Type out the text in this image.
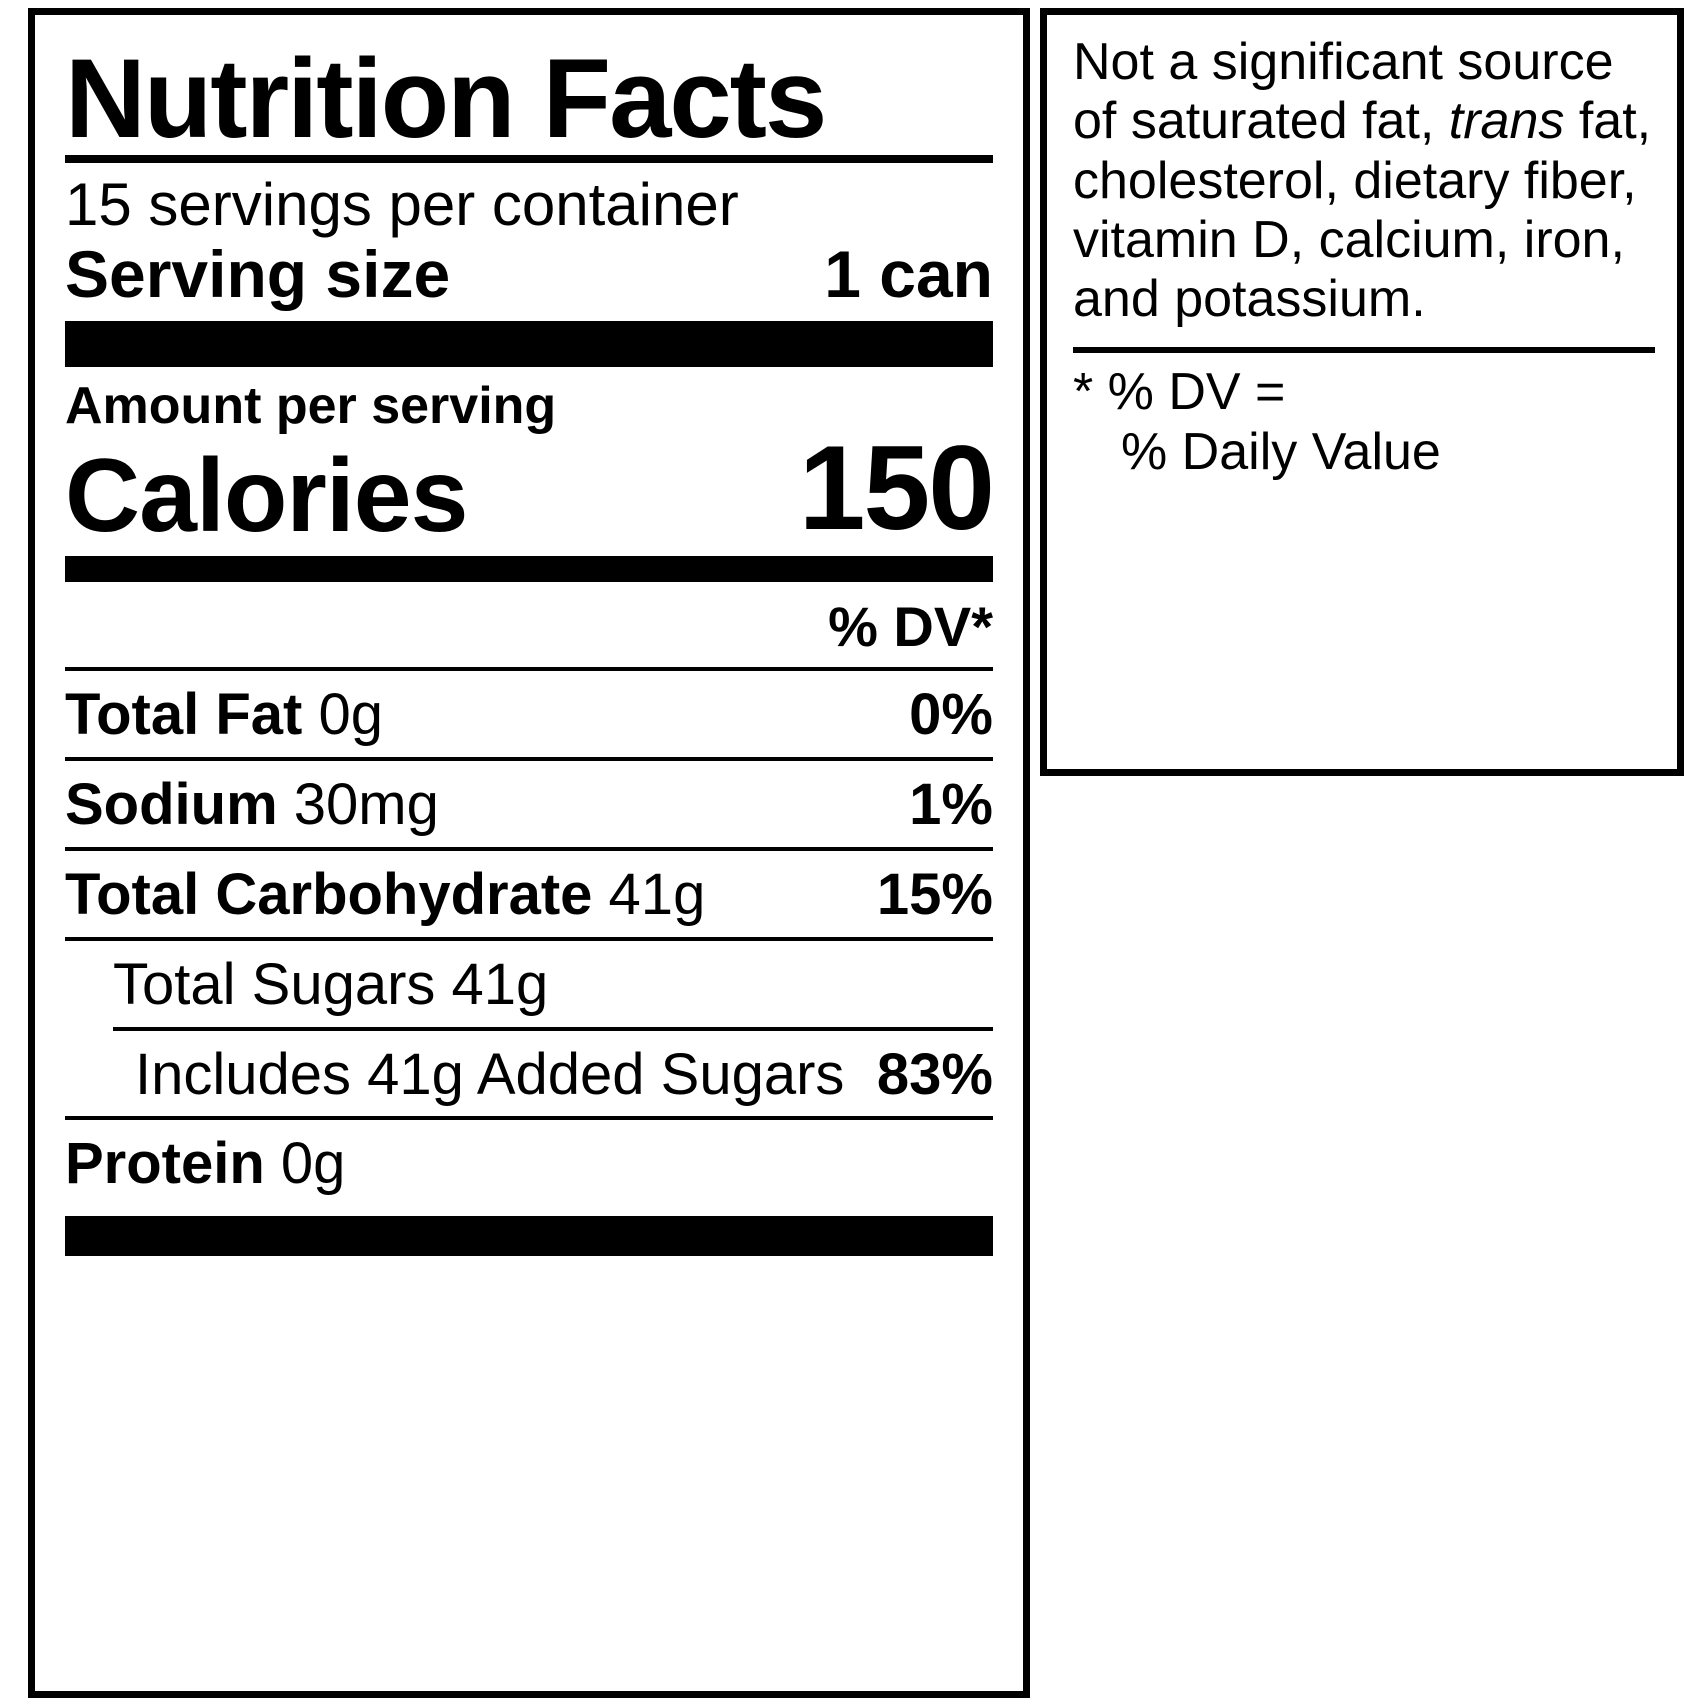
Nutrition Facts
15 servings per container
Serving size	1 can
Amount per serving
Calories	150
% DV*
Total Fat 0g	0%
Sodium 30mg	1%
Total Carbohydrate 41g	15%
Total Sugars 41g
Includes 41g Added Sugars 83%
Protein 0g
Not a significant source of saturated fat, trans fat, cholesterol, dietary fiber, vitamin D, calcium, iron, and potassium.
* % DV =
% Daily Value
